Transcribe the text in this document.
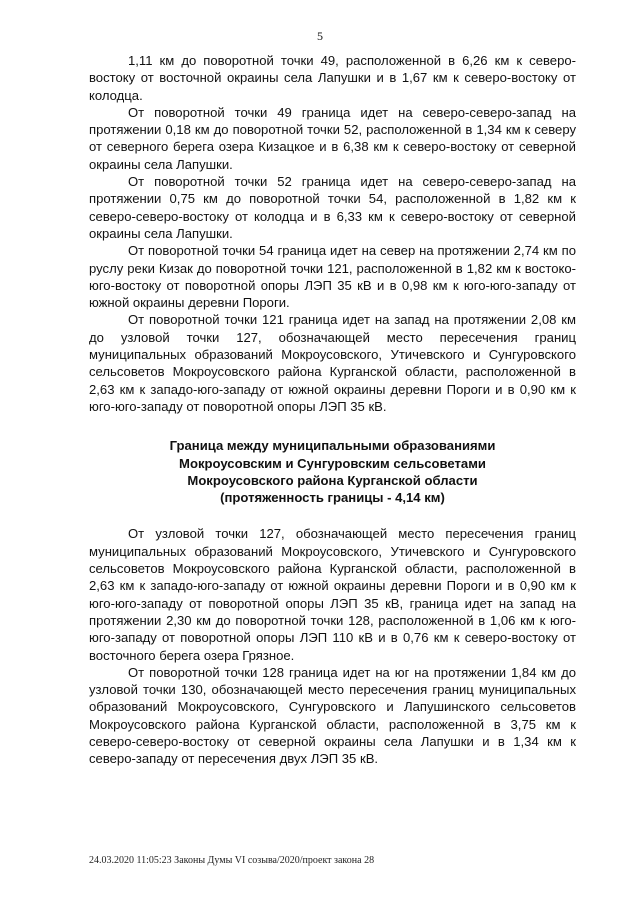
5

1,11 км до поворотной точки 49, расположенной в 6,26 км к северо-востоку от восточной окраины села Лапушки и в 1,67 км к северо-востоку от колодца.

От поворотной точки 49 граница идет на северо-северо-запад на протяжении 0,18 км до поворотной точки 52, расположенной в 1,34 км к северу от северного берега озера Кизацкое и в 6,38 км к северо-востоку от северной окраины села Лапушки.

От поворотной точки 52 граница идет на северо-северо-запад на протяжении 0,75 км до поворотной точки 54, расположенной в 1,82 км к северо-северо-востоку от колодца и в 6,33 км к северо-востоку от северной окраины села Лапушки.

От поворотной точки 54 граница идет на север на протяжении 2,74 км по руслу реки Кизак до поворотной точки 121, расположенной в 1,82 км к востоко-юго-востоку от поворотной опоры ЛЭП 35 кВ и в 0,98 км к юго-юго-западу от южной окраины деревни Пороги.

От поворотной точки 121 граница идет на запад на протяжении 2,08 км до узловой точки 127, обозначающей место пересечения границ муниципальных образований Мокроусовского, Утичевского и Сунгуровского сельсоветов Мокроусовского района Курганской области, расположенной в 2,63 км к западо-юго-западу от южной окраины деревни Пороги и в 0,90 км к юго-юго-западу от поворотной опоры ЛЭП 35 кВ.

Граница между муниципальными образованиями
Мокроусовским и Сунгуровским сельсоветами
Мокроусовского района Курганской области
(протяженность границы - 4,14 км)

От узловой точки 127, обозначающей место пересечения границ муниципальных образований Мокроусовского, Утичевского и Сунгуровского сельсоветов Мокроусовского района Курганской области, расположенной в 2,63 км к западо-юго-западу от южной окраины деревни Пороги и в 0,90 км к юго-юго-западу от поворотной опоры ЛЭП 35 кВ, граница идет на запад на протяжении 2,30 км до поворотной точки 128, расположенной в 1,06 км к юго-юго-западу от поворотной опоры ЛЭП 110 кВ и в 0,76 км к северо-востоку от восточного берега озера Грязное.

От поворотной точки 128 граница идет на юг на протяжении 1,84 км до узловой точки 130, обозначающей место пересечения границ муниципальных образований Мокроусовского, Сунгуровского и Лапушинского сельсоветов Мокроусовского района Курганской области, расположенной в 3,75 км к северо-северо-востоку от северной окраины села Лапушки и в 1,34 км к северо-западу от пересечения двух ЛЭП 35 кВ.

24.03.2020 11:05:23 Законы Думы VI созыва/2020/проект закона 28
